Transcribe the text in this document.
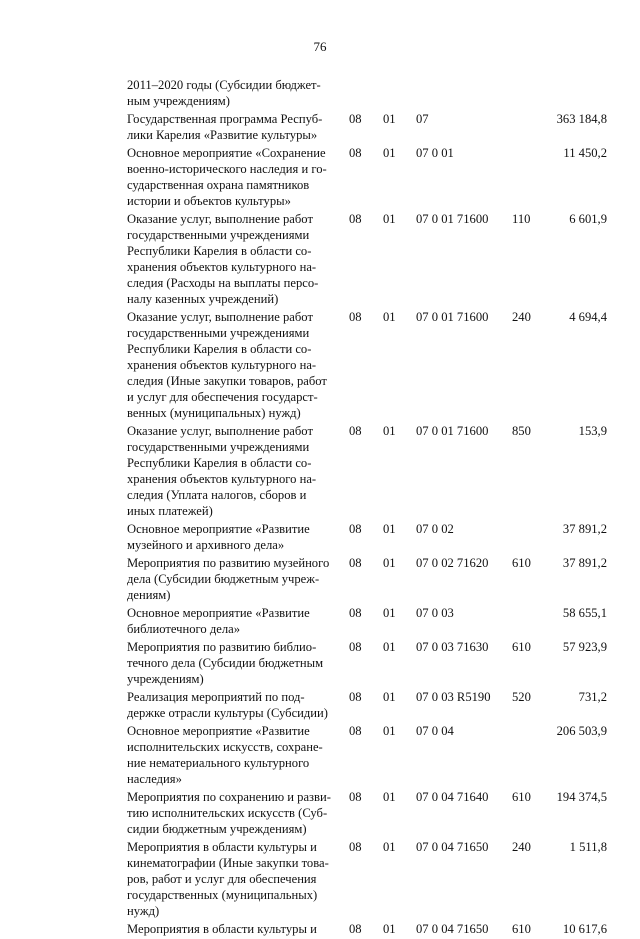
76
2011–2020 годы (Субсидии бюджет-
ным учреждениям)
Государственная программа Респуб-
лики Карелия «Развитие культуры»
08	01	07	363 184,8
Основное мероприятие «Сохранение
военно-исторического наследия и го-
сударственная охрана памятников
истории и объектов культуры»
08	01	07 0 01	11 450,2
Оказание услуг, выполнение работ
государственными учреждениями
Республики Карелия в области со-
хранения объектов культурного на-
следия (Расходы на выплаты персо-
налу казенных учреждений)
08	01	07 0 01 71600	110	6 601,9
Оказание услуг, выполнение работ
государственными учреждениями
Республики Карелия в области со-
хранения объектов культурного на-
следия (Иные закупки товаров, работ
и услуг для обеспечения государст-
венных (муниципальных) нужд)
08	01	07 0 01 71600	240	4 694,4
Оказание услуг, выполнение работ
государственными учреждениями
Республики Карелия в области со-
хранения объектов культурного на-
следия (Уплата налогов, сборов и
иных платежей)
08	01	07 0 01 71600	850	153,9
Основное мероприятие «Развитие
музейного и архивного дела»
08	01	07 0 02	37 891,2
Мероприятия по развитию музейного
дела (Субсидии бюджетным учреж-
дениям)
08	01	07 0 02 71620	610	37 891,2
Основное мероприятие «Развитие
библиотечного дела»
08	01	07 0 03	58 655,1
Мероприятия по развитию библио-
течного дела (Субсидии бюджетным
учреждениям)
08	01	07 0 03 71630	610	57 923,9
Реализация мероприятий по под-
держке отрасли культуры (Субсидии)
08	01	07 0 03 R5190	520	731,2
Основное мероприятие «Развитие
исполнительских искусств, сохране-
ние нематериального культурного
наследия»
08	01	07 0 04	206 503,9
Мероприятия по сохранению и разви-
тию исполнительских искусств (Суб-
сидии бюджетным учреждениям)
08	01	07 0 04 71640	610	194 374,5
Мероприятия в области культуры и
кинематографии (Иные закупки това-
ров, работ и услуг для обеспечения
государственных (муниципальных)
нужд)
08	01	07 0 04 71650	240	1 511,8
Мероприятия в области культуры и	08	01	07 0 04 71650	610	10 617,6
